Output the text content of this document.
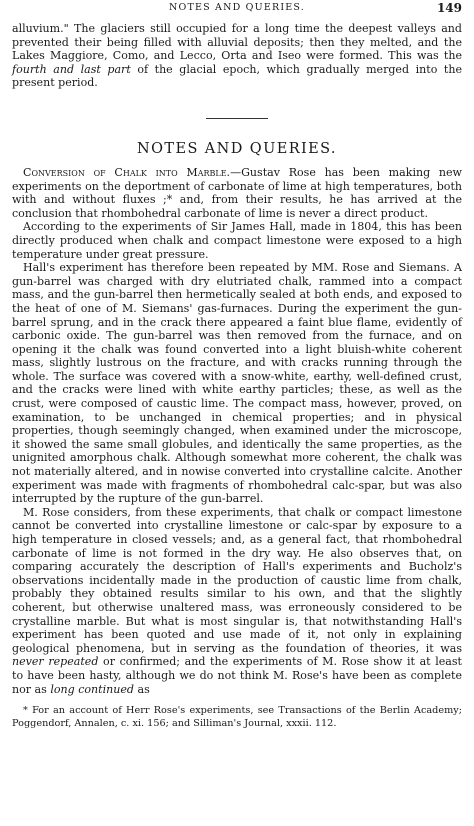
NOTES AND QUERIES.	149

alluvium." The glaciers still occupied for a long time the deepest valleys and prevented their being filled with alluvial deposits; then they melted, and the Lakes Maggiore, Como, and Lecco, Orta and Iseo were formed. This was the fourth and last part of the glacial epoch, which gradually merged into the present period.

NOTES AND QUERIES.

Conversion of Chalk into Marble.—Gustav Rose has been making new experiments on the deportment of carbonate of lime at high temperatures, both with and without fluxes ;* and, from their results, he has arrived at the conclusion that rhombohedral carbonate of lime is never a direct product.

According to the experiments of Sir James Hall, made in 1804, this has been directly produced when chalk and compact limestone were exposed to a high temperature under great pressure.

Hall's experiment has therefore been repeated by MM. Rose and Siemans. A gun-barrel was charged with dry elutriated chalk, rammed into a compact mass, and the gun-barrel then hermetically sealed at both ends, and exposed to the heat of one of M. Siemans' gas-furnaces. During the experiment the gun-barrel sprung, and in the crack there appeared a faint blue flame, evidently of carbonic oxide. The gun-barrel was then removed from the furnace, and on opening it the chalk was found converted into a light bluish-white coherent mass, slightly lustrous on the fracture, and with cracks running through the whole. The surface was covered with a snow-white, earthy, well-defined crust, and the cracks were lined with white earthy particles; these, as well as the crust, were composed of caustic lime. The compact mass, however, proved, on examination, to be unchanged in chemical properties; and in physical properties, though seemingly changed, when examined under the microscope, it showed the same small globules, and identically the same properties, as the unignited amorphous chalk. Although somewhat more coherent, the chalk was not materially altered, and in nowise converted into crystalline calcite. Another experiment was made with fragments of rhombohedral calc-spar, but was also interrupted by the rupture of the gun-barrel.

M. Rose considers, from these experiments, that chalk or compact limestone cannot be converted into crystalline limestone or calc-spar by exposure to a high temperature in closed vessels; and, as a general fact, that rhombohedral carbonate of lime is not formed in the dry way. He also observes that, on comparing accurately the description of Hall's experiments and Bucholz's observations incidentally made in the production of caustic lime from chalk, probably they obtained results similar to his own, and that the slightly coherent, but otherwise unaltered mass, was erroneously considered to be crystalline marble. But what is most singular is, that notwithstanding Hall's experiment has been quoted and use made of it, not only in explaining geological phenomena, but in serving as the foundation of theories, it was never repeated or confirmed; and the experiments of M. Rose show it at least to have been hasty, although we do not think M. Rose's have been as complete nor as long continued as

* For an account of Herr Rose's experiments, see Transactions of the Berlin Academy; Poggendorf, Annalen, c. xi. 156; and Silliman's Journal, xxxii. 112.
